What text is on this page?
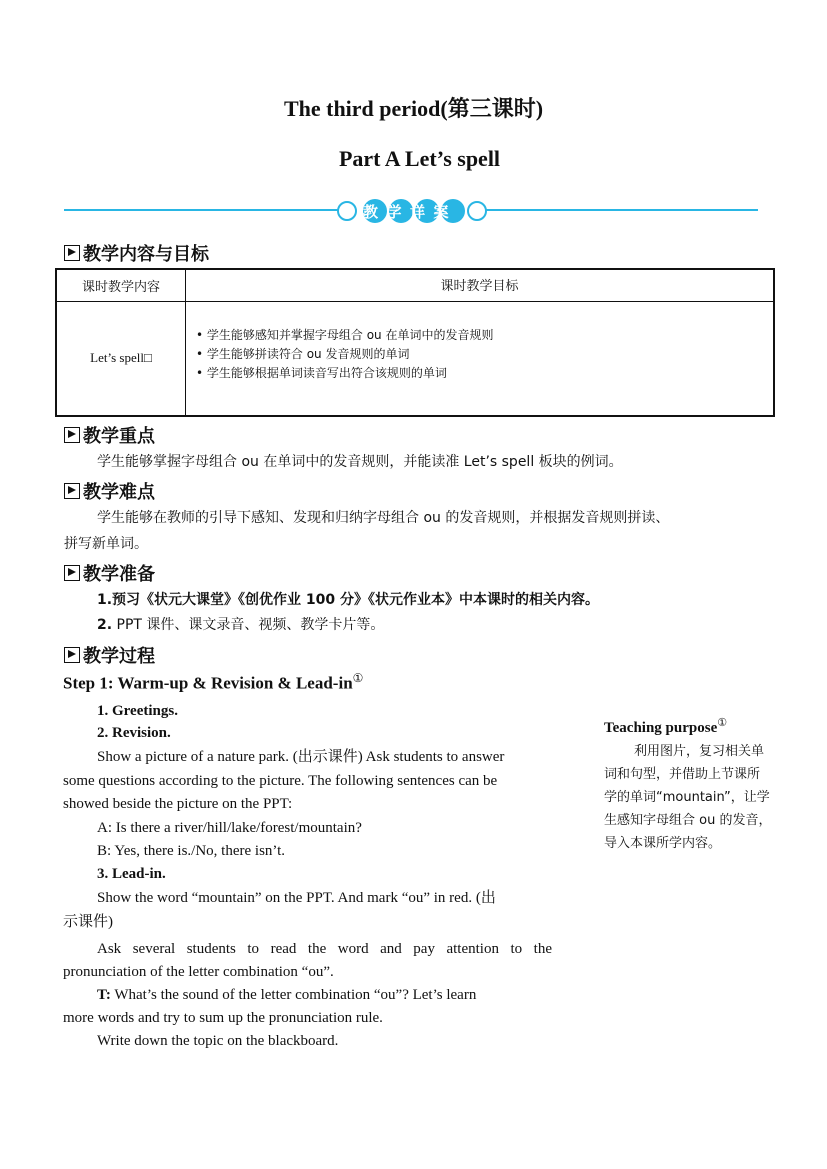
The third period(第三课时)
Part A Let’s spell
教学详案
教学内容与目标
课时教学内容	课时教学目标
Let’s spell□	• 学生能够感知并掌握字母组合 ou 在单词中的发音规则
• 学生能够拼读符合 ou 发音规则的单词
• 学生能够根据单词读音写出符合该规则的单词
教学重点
学生能够掌握字母组合 ou 在单词中的发音规则，并能读准 Let’s spell 板块的例词。
教学难点
学生能够在教师的引导下感知、发现和归纳字母组合 ou 的发音规则，并根据发音规则拼读、
拼写新单词。
教学准备
1.预习《状元大课堂》《创优作业 100 分》《状元作业本》中本课时的相关内容。
2. PPT 课件、课文录音、视频、教学卡片等。
教学过程
Step 1: Warm-up & Revision & Lead-in①
1. Greetings.
2. Revision.
Show a picture of a nature park. (出示课件) Ask students to answer
some questions according to the picture. The following sentences can be
showed beside the picture on the PPT:
A: Is there a river/hill/lake/forest/mountain?
B: Yes, there is./No, there isn’t.
3. Lead-in.
Show the word “mountain” on the PPT. And mark “ou” in red. (出
示课件)
Ask several students to read the word and pay attention to the
pronunciation of the letter combination “ou”.
T: What’s the sound of the letter combination “ou”? Let’s learn
more words and try to sum up the pronunciation rule.
Write down the topic on the blackboard.
Teaching purpose①
利用图片，复习相关单
词和句型，并借助上节课所
学的单词“mountain”，让学
生感知字母组合 ou 的发音，
导入本课所学内容。
